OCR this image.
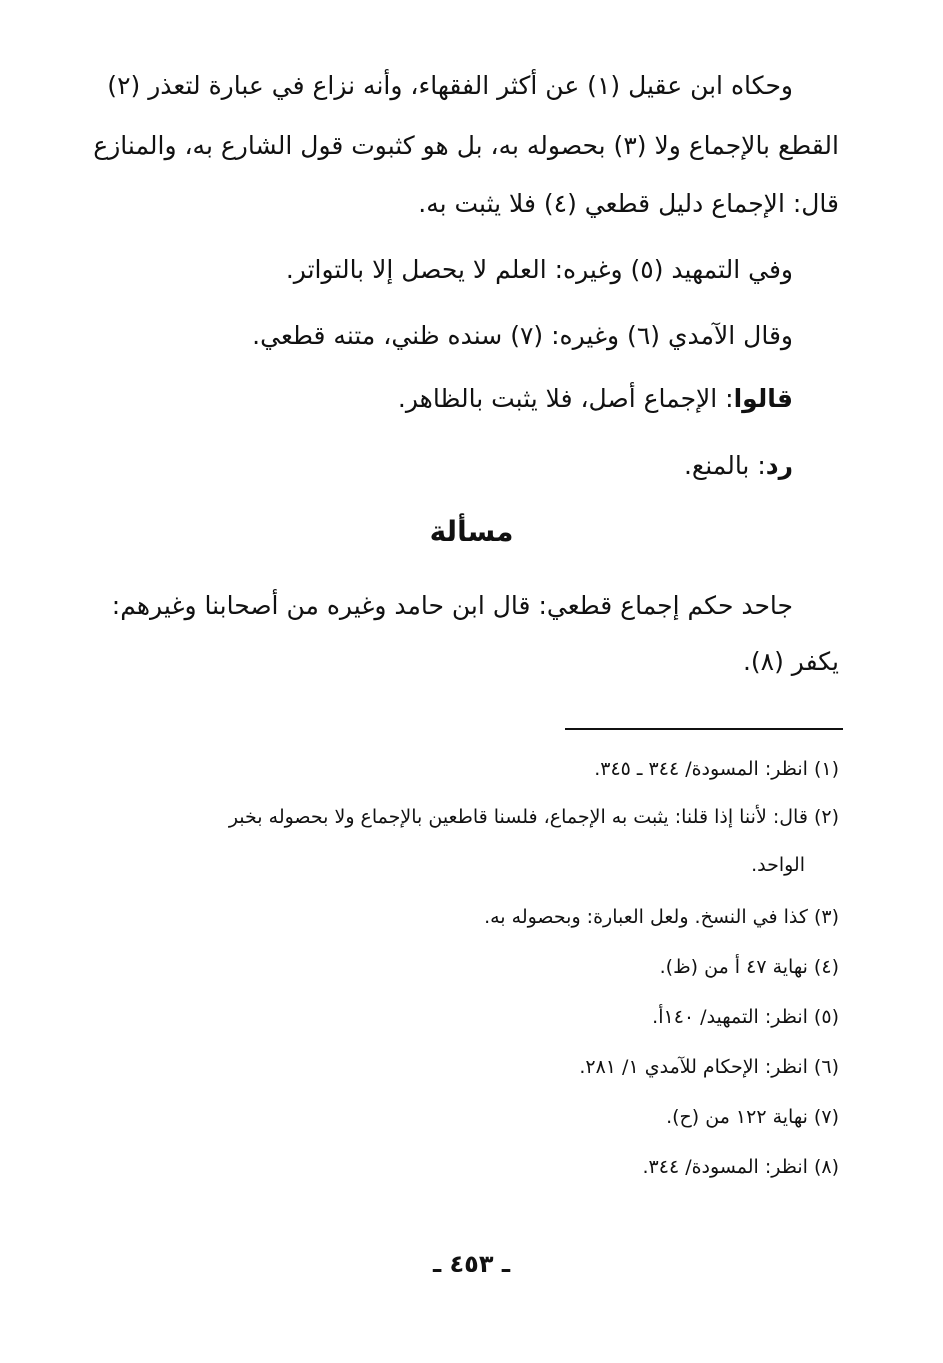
وحكاه ابن عقيل (١) عن أكثر الفقهاء، وأنه نزاع في عبارة لتعذر (٢)
القطع بالإجماع ولا (٣) بحصوله به، بل هو كثبوت قول الشارع به، والمنازع
قال: الإجماع دليل قطعي (٤) فلا يثبت به.
وفي التمهيد (٥) وغيره: العلم لا يحصل إلا بالتواتر.
وقال الآمدي (٦) وغيره: (٧) سنده ظني، متنه قطعي.
قالوا: الإجماع أصل، فلا يثبت بالظاهر.
رد: بالمنع.
مسألة
جاحد حكم إجماع قطعي: قال ابن حامد وغيره من أصحابنا وغيرهم:
يكفر (٨).
(١) انظر: المسودة/ ٣٤٤ ـ ٣٤٥.
(٢) قال: لأننا إذا قلنا: يثبت به الإجماع، فلسنا قاطعين بالإجماع ولا بحصوله بخبر
الواحد.
(٣) كذا في النسخ. ولعل العبارة: وبحصوله به.
(٤) نهاية ٤٧ أ من (ظ).
(٥) انظر: التمهيد/ ١٤٠أ.
(٦) انظر: الإحكام للآمدي ١/ ٢٨١.
(٧) نهاية ١٢٢ من (ح).
(٨) انظر: المسودة/ ٣٤٤.
ـ ٤٥٣ ـ
